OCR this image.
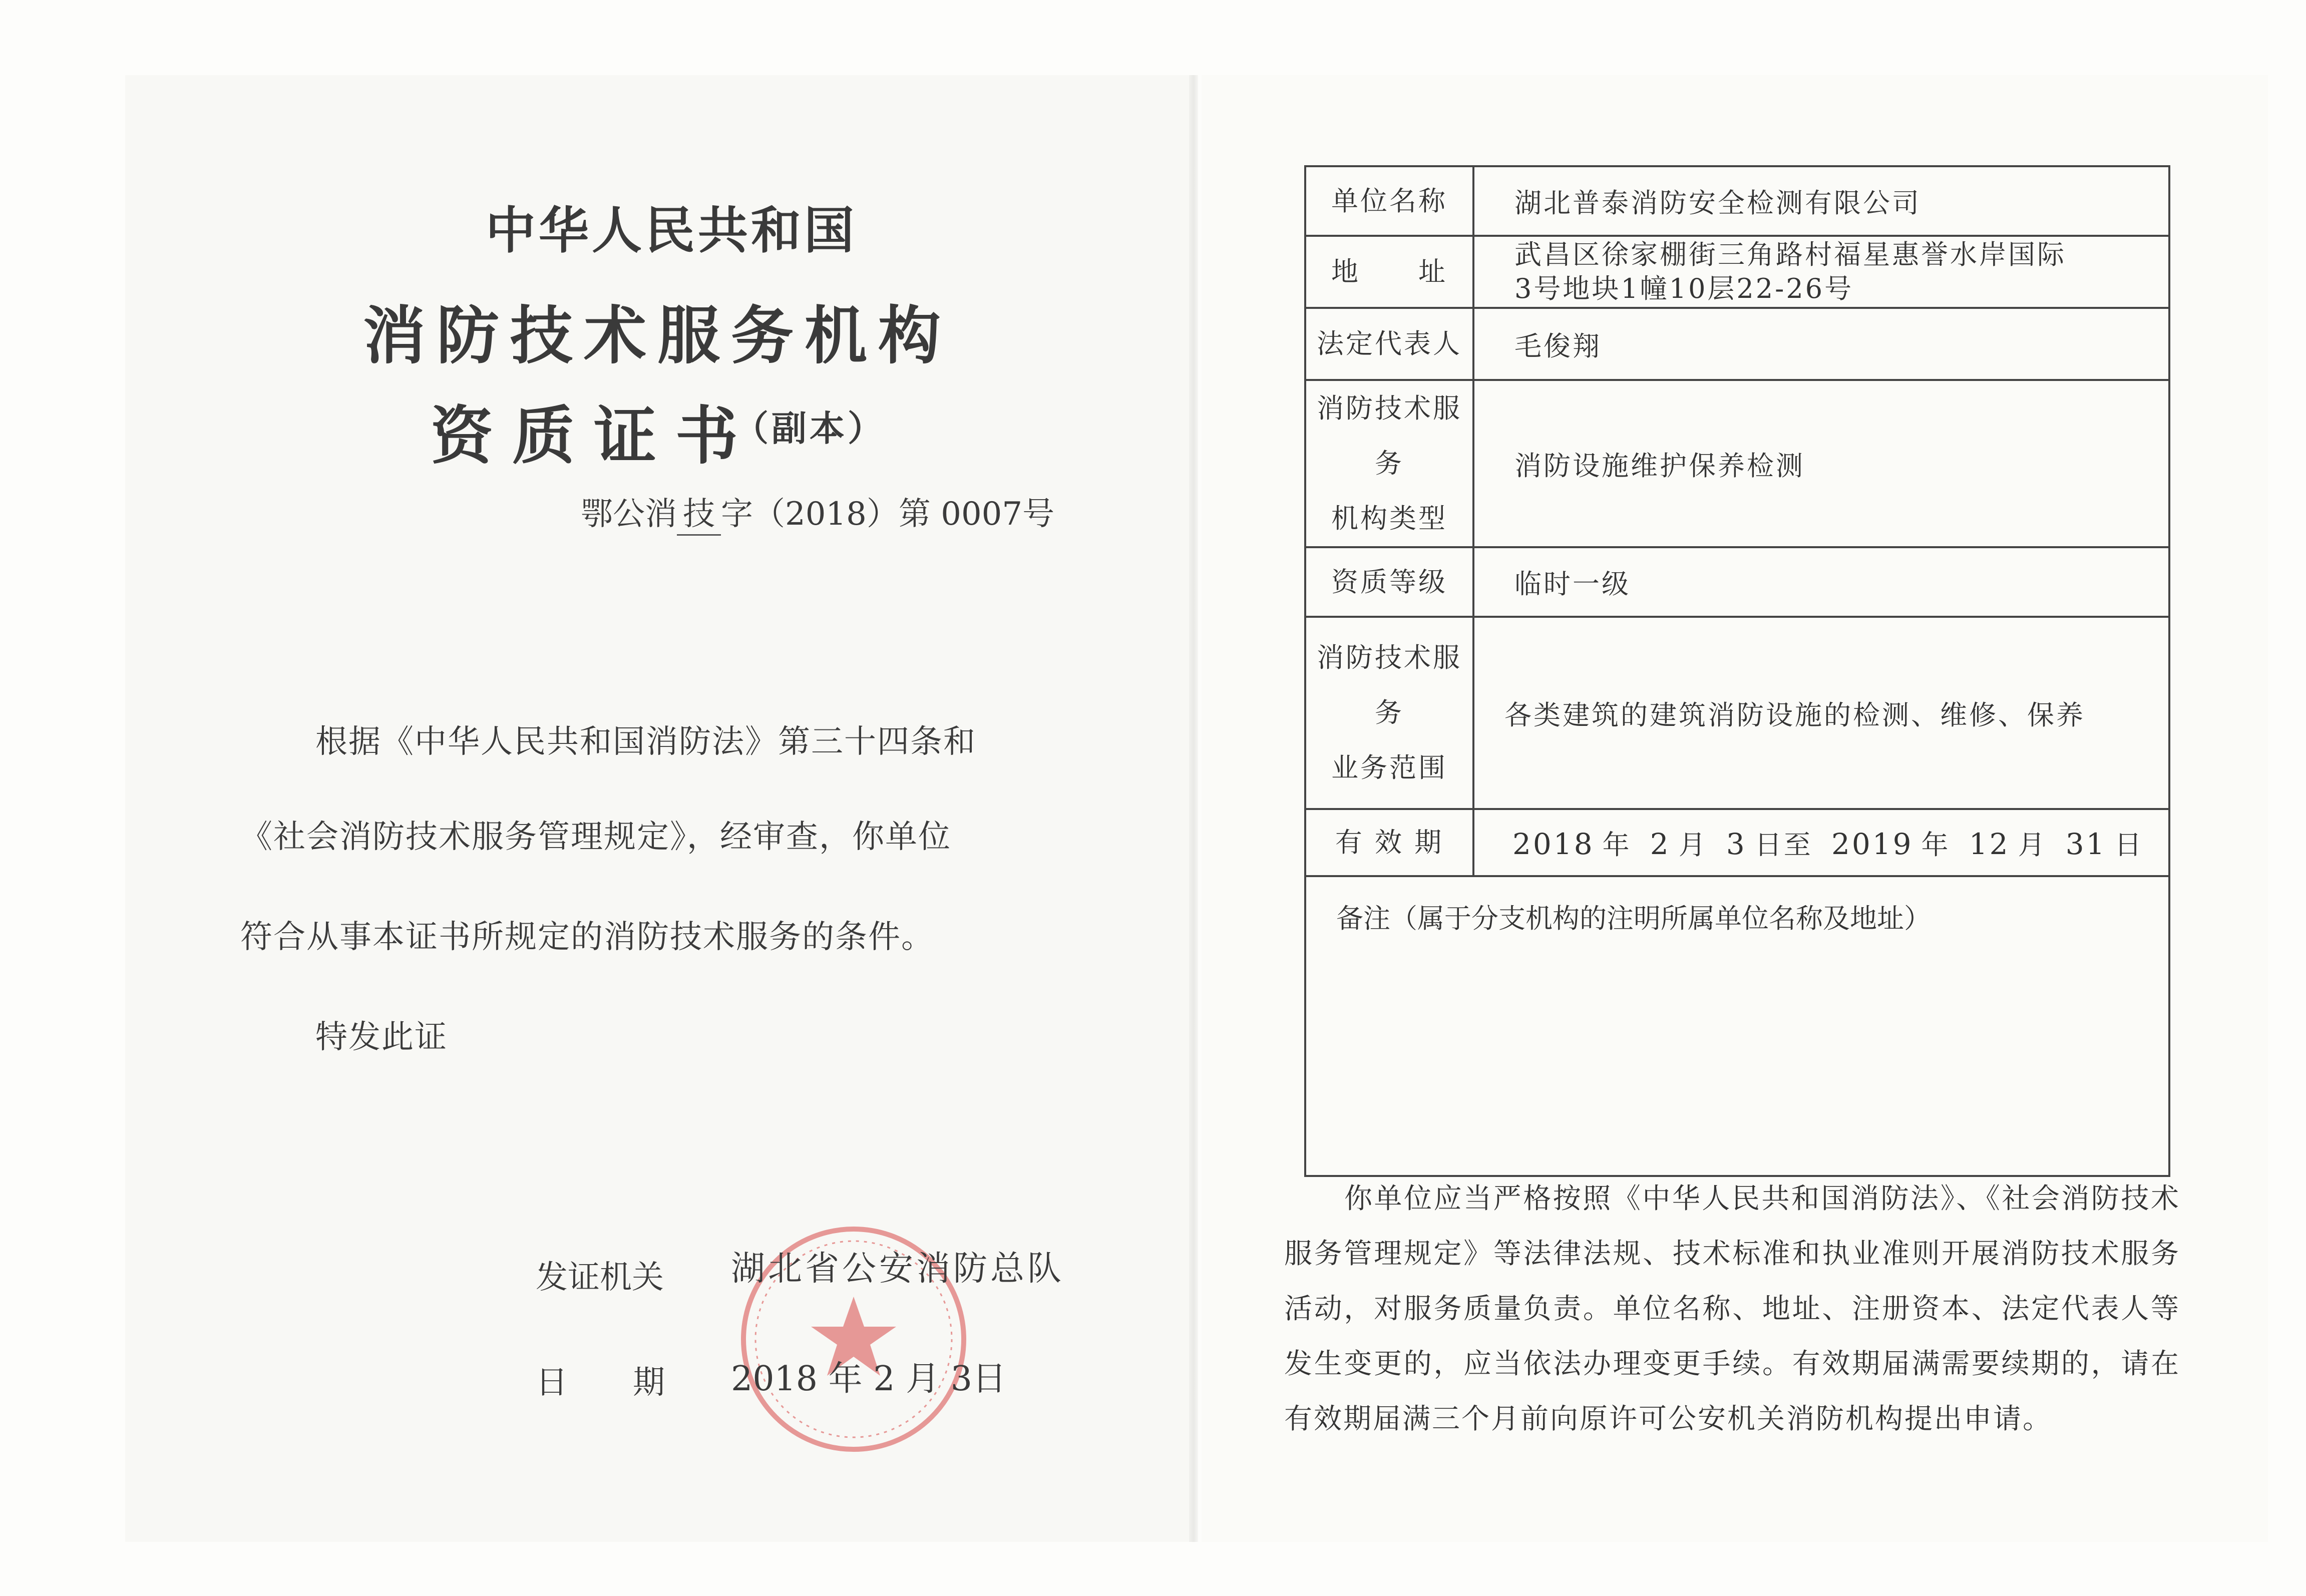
中华人民共和国
消防技术服务机构
资质证书
（副本）
鄂公消 技 字（2018）第 0007号
根据《中华人民共和国消防法》第三十四条和
《社会消防技术服务管理规定》，经审查，你单位
符合从事本证书所规定的消防技术服务的条件。
特发此证
发证机关 湖北省公安消防总队
日期 2018 年 2 月 3日
单位名称	湖北普泰消防安全检测有限公司
地　　址	武昌区徐家棚街三角路村福星惠誉水岸国际
3号地块1幢10层22-26号

法定代表人	毛俊翔

消防技术服务
机构类型	消防设施维护保养检测
资质等级	临时一级

消防技术服务
业务范围	各类建筑的建筑消防设施的检测、维修、保养
有 效 期	2018 年 2 月 3 日至 2019 年 12 月 31 日
备注（属于分支机构的注明所属单位名称及地址）	
你单位应当严格按照《中华人民共和国消防法》、《社会消防技术服务管理规定》等法律法规、技术标准和执业准则开展消防技术服务活动，对服务质量负责。单位名称、地址、注册资本、法定代表人等发生变更的，应当依法办理变更手续。有效期届满需要续期的，请在有效期届满三个月前向原许可公安机关消防机构提出申请。
